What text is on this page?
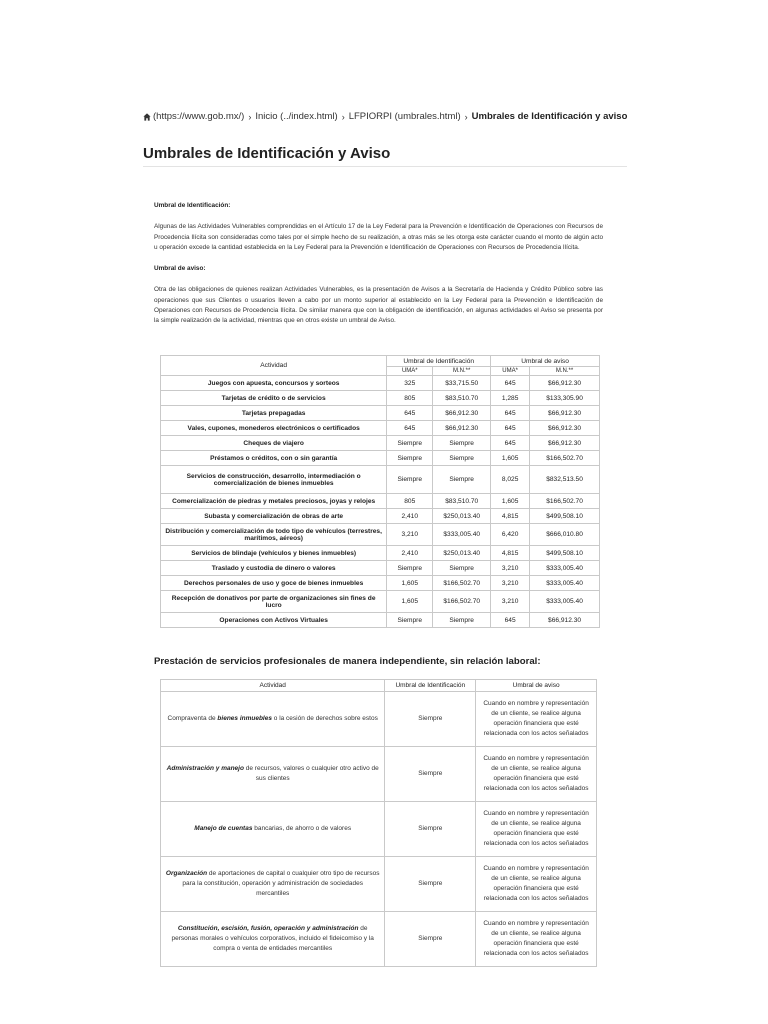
(https://www.gob.mx/) › Inicio (../index.html) › LFPIORPI (umbrales.html) › Umbrales de Identificación y aviso
Umbrales de Identificación y Aviso
Umbral de Identificación:

Algunas de las Actividades Vulnerables comprendidas en el Artículo 17 de la Ley Federal para la Prevención e Identificación de Operaciones con Recursos de Procedencia Ilícita son consideradas como tales por el simple hecho de su realización, a otras más se les otorga este carácter cuando el monto de algún acto u operación excede la cantidad establecida en la Ley Federal para la Prevención e Identificación de Operaciones con Recursos de Procedencia Ilícita.

Umbral de aviso:

Otra de las obligaciones de quienes realizan Actividades Vulnerables, es la presentación de Avisos a la Secretaría de Hacienda y Crédito Público sobre las operaciones que sus Clientes o usuarios lleven a cabo por un monto superior al establecido en la Ley Federal para la Prevención e Identificación de Operaciones con Recursos de Procedencia Ilícita. De similar manera que con la obligación de identificación, en algunas actividades el Aviso se presenta por la simple realización de la actividad, mientras que en otros existe un umbral de Aviso.

Actividad	Umbral de Identificación		Umbral de aviso	
	UMA*	M.N.**	UMA*	M.N.**
Juegos con apuesta, concursos y sorteos	325	$33,715.50	645	$66,912.30
Tarjetas de crédito o de servicios	805	$83,510.70	1,285	$133,305.90
Tarjetas prepagadas	645	$66,912.30	645	$66,912.30
Vales, cupones, monederos electrónicos o certificados	645	$66,912.30	645	$66,912.30
Cheques de viajero	Siempre	Siempre	645	$66,912.30
Préstamos o créditos, con o sin garantía	Siempre	Siempre	1,605	$166,502.70
Servicios de construcción, desarrollo, intermediación o comercialización de bienes inmuebles	Siempre	Siempre	8,025	$832,513.50
Comercialización de piedras y metales preciosos, joyas y relojes	805	$83,510.70	1,605	$166,502.70
Subasta y comercialización de obras de arte	2,410	$250,013.40	4,815	$499,508.10
Distribución y comercialización de todo tipo de vehículos (terrestres, marítimos, aéreos)	3,210	$333,005.40	6,420	$666,010.80
Servicios de blindaje (vehículos y bienes inmuebles)	2,410	$250,013.40	4,815	$499,508.10
Traslado y custodia de dinero o valores	Siempre	Siempre	3,210	$333,005.40
Derechos personales de uso y goce de bienes inmuebles	1,605	$166,502.70	3,210	$333,005.40
Recepción de donativos por parte de organizaciones sin fines de lucro	1,605	$166,502.70	3,210	$333,005.40
Operaciones con Activos Virtuales	Siempre	Siempre	645	$66,912.30
Prestación de servicios profesionales de manera independiente, sin relación laboral:
Actividad	Umbral de Identificación	Umbral de aviso
Compraventa de bienes inmuebles o la cesión de derechos sobre estos	Siempre	Cuando en nombre y representación de un cliente, se realice alguna operación financiera que esté relacionada con los actos señalados
Administración y manejo de recursos, valores o cualquier otro activo de sus clientes	Siempre	Cuando en nombre y representación de un cliente, se realice alguna operación financiera que esté relacionada con los actos señalados
Manejo de cuentas bancarias, de ahorro o de valores	Siempre	Cuando en nombre y representación de un cliente, se realice alguna operación financiera que esté relacionada con los actos señalados
Organización de aportaciones de capital o cualquier otro tipo de recursos para la constitución, operación y administración de sociedades mercantiles	Siempre	Cuando en nombre y representación de un cliente, se realice alguna operación financiera que esté relacionada con los actos señalados
Constitución, escisión, fusión, operación y administración de personas morales o vehículos corporativos, incluido el fideicomiso y la compra o venta de entidades mercantiles	Siempre	Cuando en nombre y representación de un cliente, se realice alguna operación financiera que esté relacionada con los actos señalados
